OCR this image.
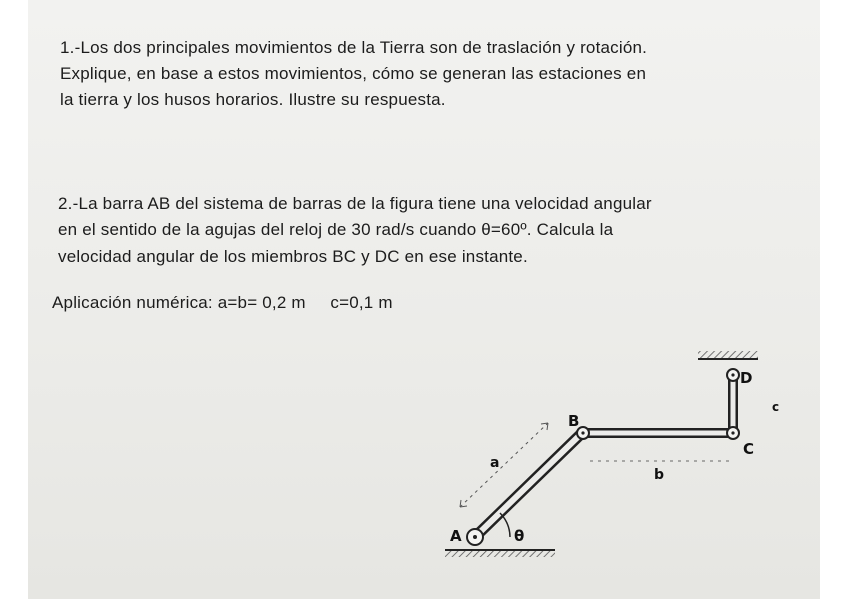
1.-Los dos principales movimientos de la Tierra son de traslación y rotación.

Explique, en base a estos movimientos, cómo se generan las estaciones en

la tierra y los husos horarios. Ilustre su respuesta.

2.-La barra AB del sistema de barras de la figura tiene una velocidad angular

en el sentido de la agujas del reloj de 30 rad/s cuando θ=60º. Calcula la

velocidad angular de los miembros BC y DC en ese instante.

Aplicación numérica: a=b= 0,2 m     c=0,1 m

A
B
C
D
a
b
c
θ
